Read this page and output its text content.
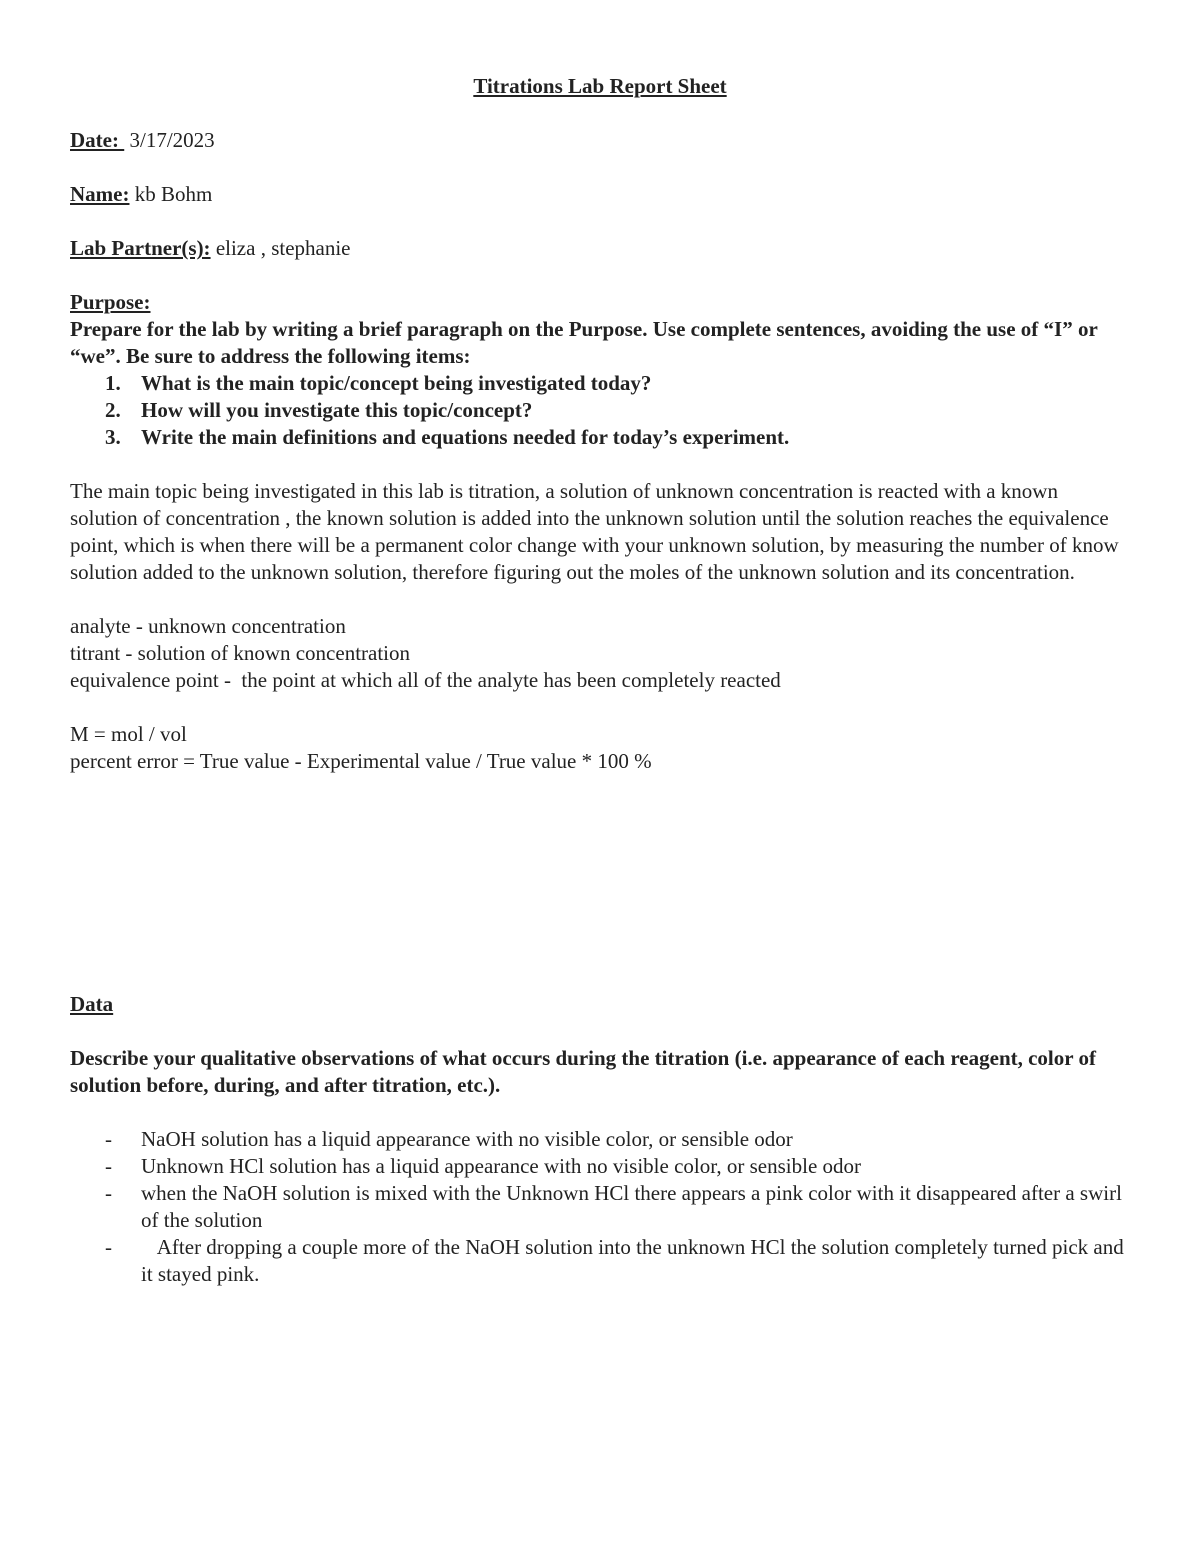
Titrations Lab Report Sheet
Date:  3/17/2023
Name: kb Bohm
Lab Partner(s): eliza , stephanie
Purpose:

Prepare for the lab by writing a brief paragraph on the Purpose. Use complete sentences, avoiding the use of “I” or “we”. Be sure to address the following items:

1. What is the main topic/concept being investigated today?
2. How will you investigate this topic/concept?
3. Write the main definitions and equations needed for today’s experiment.

The main topic being investigated in this lab is titration, a solution of unknown concentration is reacted with a known solution of concentration , the known solution is added into the unknown solution until the solution reaches the equivalence point, which is when there will be a permanent color change with your unknown solution, by measuring the number of know solution added to the unknown solution, therefore figuring out the moles of the unknown solution and its concentration.

analyte - unknown concentration

titrant - solution of known concentration

equivalence point -  the point at which all of the analyte has been completely reacted

M = mol / vol

percent error = True value - Experimental value / True value * 100 %

Data

Describe your qualitative observations of what occurs during the titration (i.e. appearance of each reagent, color of solution before, during, and after titration, etc.).

- NaOH solution has a liquid appearance with no visible color, or sensible odor
- Unknown HCl solution has a liquid appearance with no visible color, or sensible odor
- when the NaOH solution is mixed with the Unknown HCl there appears a pink color with it disappeared after a swirl of the solution
- After dropping a couple more of the NaOH solution into the unknown HCl the solution completely turned pick and it stayed pink.
